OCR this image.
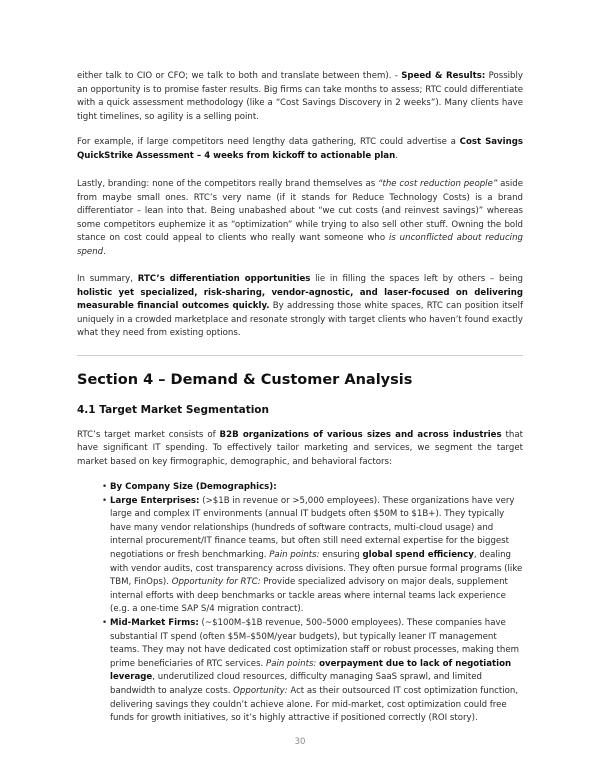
either talk to CIO or CFO; we talk to both and translate between them). - Speed & Results: Possibly an opportunity is to promise faster results. Big firms can take months to assess; RTC could differentiate with a quick assessment methodology (like a “Cost Savings Discovery in 2 weeks”). Many clients have tight timelines, so agility is a selling point.

For example, if large competitors need lengthy data gathering, RTC could advertise a Cost Savings QuickStrike Assessment – 4 weeks from kickoff to actionable plan.

Lastly, branding: none of the competitors really brand themselves as “the cost reduction people” aside from maybe small ones. RTC’s very name (if it stands for Reduce Technology Costs) is a brand differentiator – lean into that. Being unabashed about “we cut costs (and reinvest savings)” whereas some competitors euphemize it as “optimization” while trying to also sell other stuff. Owning the bold stance on cost could appeal to clients who really want someone who is unconflicted about reducing spend.

In summary, RTC’s differentiation opportunities lie in filling the spaces left by others – being holistic yet specialized, risk-sharing, vendor-agnostic, and laser-focused on delivering measurable financial outcomes quickly. By addressing those white spaces, RTC can position itself uniquely in a crowded marketplace and resonate strongly with target clients who haven’t found exactly what they need from existing options.

Section 4 – Demand & Customer Analysis
4.1 Target Market Segmentation

RTC’s target market consists of B2B organizations of various sizes and across industries that have significant IT spending. To effectively tailor marketing and services, we segment the target market based on key firmographic, demographic, and behavioral factors:

• By Company Size (Demographics):
• Large Enterprises: (>$1B in revenue or >5,000 employees). These organizations have very large and complex IT environments (annual IT budgets often $50M to $1B+). They typically have many vendor relationships (hundreds of software contracts, multi-cloud usage) and internal procurement/IT finance teams, but often still need external expertise for the biggest negotiations or fresh benchmarking. Pain points: ensuring global spend efficiency, dealing with vendor audits, cost transparency across divisions. They often pursue formal programs (like TBM, FinOps). Opportunity for RTC: Provide specialized advisory on major deals, supplement internal efforts with deep benchmarks or tackle areas where internal teams lack experience (e.g. a one-time SAP S/4 migration contract).
• Mid-Market Firms: (~$100M–$1B revenue, 500–5000 employees). These companies have substantial IT spend (often $5M–$50M/year budgets), but typically leaner IT management teams. They may not have dedicated cost optimization staff or robust processes, making them prime beneficiaries of RTC services. Pain points: overpayment due to lack of negotiation leverage, underutilized cloud resources, difficulty managing SaaS sprawl, and limited bandwidth to analyze costs. Opportunity: Act as their outsourced IT cost optimization function, delivering savings they couldn’t achieve alone. For mid-market, cost optimization could free funds for growth initiatives, so it’s highly attractive if positioned correctly (ROI story).
30
